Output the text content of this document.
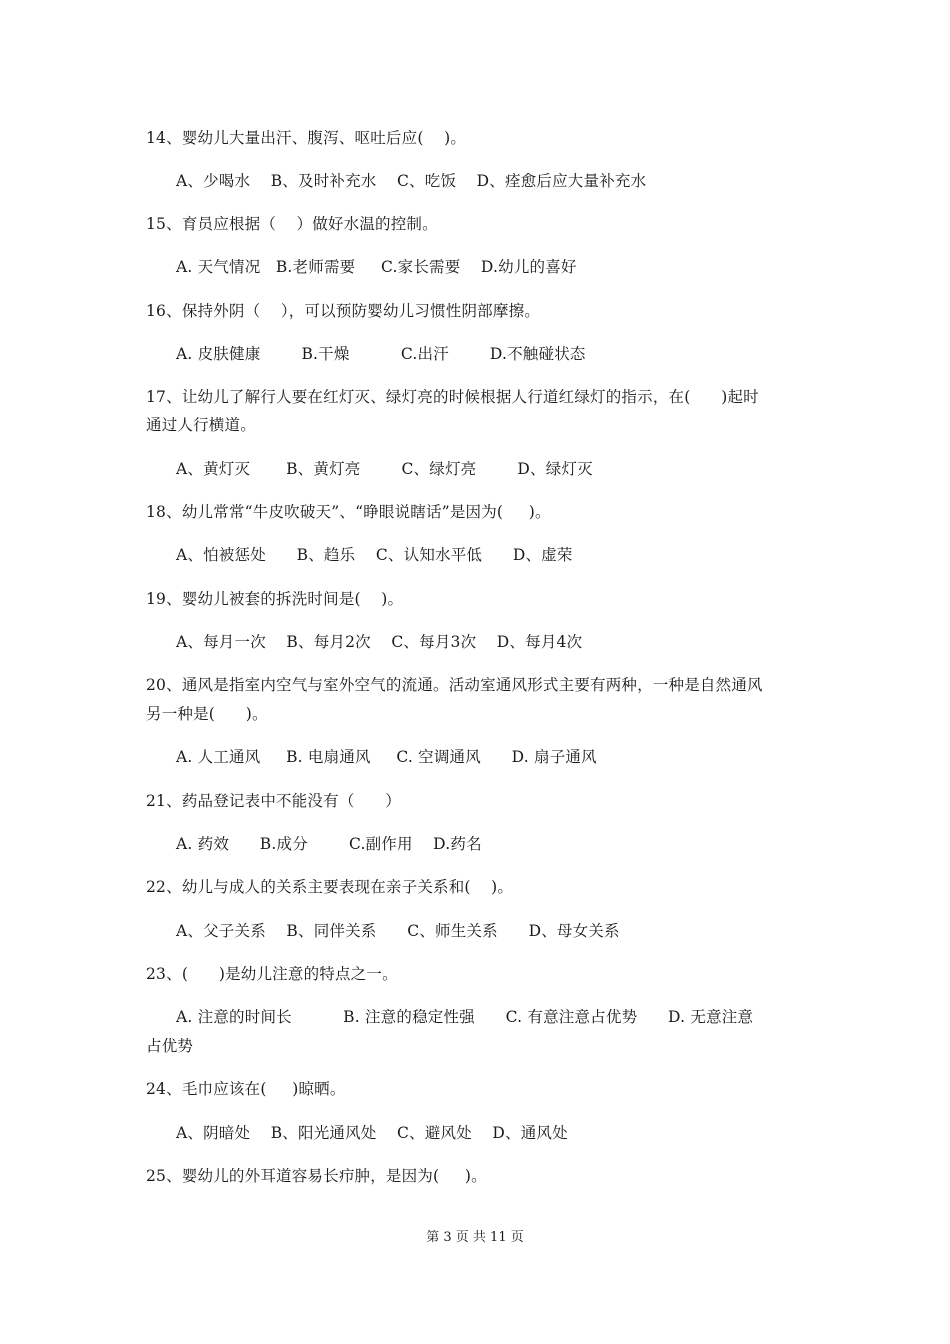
14、婴幼儿大量出汗、腹泻、呕吐后应(    )。
A、少喝水    B、及时补充水    C、吃饭    D、痊愈后应大量补充水
15、育员应根据（    ）做好水温的控制。
A. 天气情况   B.老师需要     C.家长需要    D.幼儿的喜好
16、保持外阴（    ），可以预防婴幼儿习惯性阴部摩擦。
A. 皮肤健康        B.干燥          C.出汗        D.不触碰状态
17、让幼儿了解行人要在红灯灭、绿灯亮的时候根据人行道红绿灯的指示，在(      )起时
通过人行横道。
A、黄灯灭       B、黄灯亮        C、绿灯亮        D、绿灯灭
18、幼儿常常“牛皮吹破天”、“睁眼说瞎话”是因为(     )。
A、怕被惩处      B、趋乐    C、认知水平低      D、虚荣
19、婴幼儿被套的拆洗时间是(    )。
A、每月一次    B、每月2次    C、每月3次    D、每月4次
20、通风是指室内空气与室外空气的流通。活动室通风形式主要有两种，一种是自然通风
另一种是(      )。
A. 人工通风     B. 电扇通风     C. 空调通风      D. 扇子通风
21、药品登记表中不能没有（      ）
A. 药效      B.成分        C.副作用    D.药名
22、幼儿与成人的关系主要表现在亲子关系和(    )。
A、父子关系    B、同伴关系      C、师生关系      D、母女关系
23、(      )是幼儿注意的特点之一。
A. 注意的时间长          B. 注意的稳定性强      C. 有意注意占优势      D. 无意注意
占优势
24、毛巾应该在(     )晾晒。
A、阴暗处    B、阳光通风处    C、避风处    D、通风处
25、婴幼儿的外耳道容易长疖肿，是因为(     )。
第 3 页 共 11 页
